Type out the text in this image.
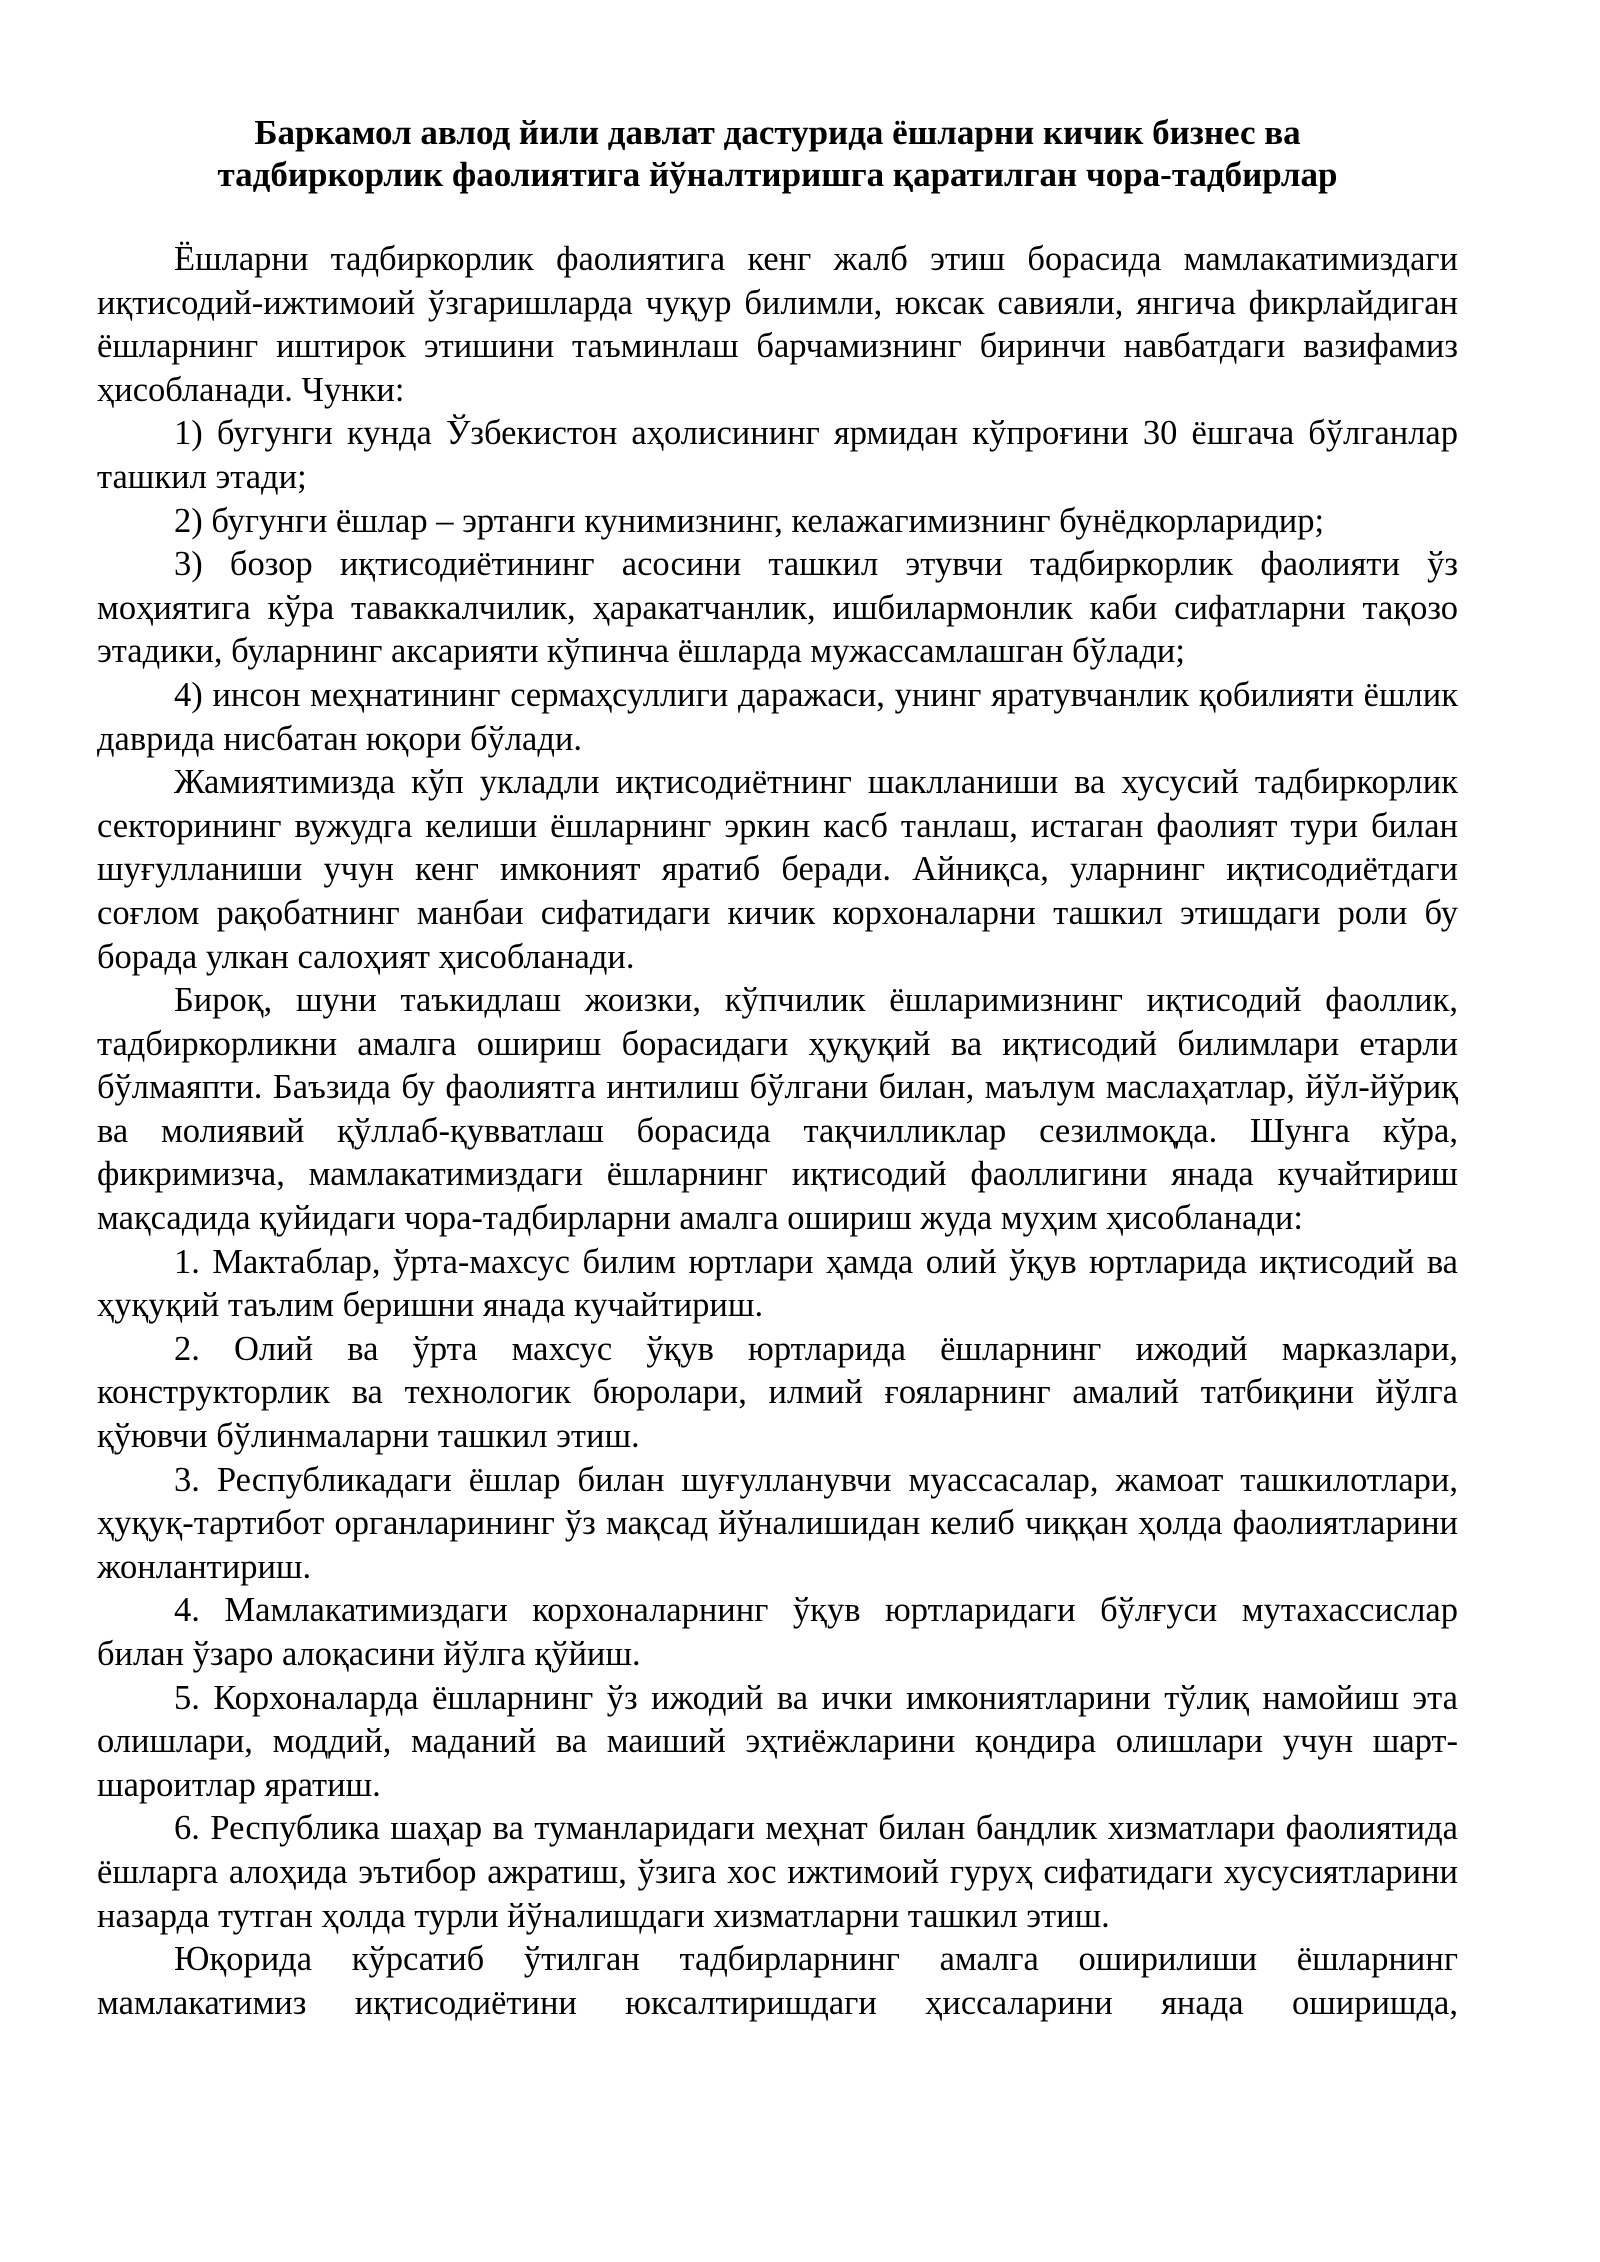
Баркамол авлод йили давлат дастурида ёшларни кичик бизнес ва
тадбиркорлик фаолиятига йўналтиришга қаратилган чора-тадбирлар

Ёшларни тадбиркорлик фаолиятига кенг жалб этиш борасида мамлакатимиздаги иқтисодий-ижтимоий ўзгаришларда чуқур билимли, юксак савияли, янгича фикрлайдиган ёшларнинг иштирок этишини таъминлаш барчамизнинг биринчи навбатдаги вазифамиз ҳисобланади. Чунки:

1) бугунги кунда Ўзбекистон аҳолисининг ярмидан кўпроғини 30 ёшгача бўлганлар ташкил этади;

2) бугунги ёшлар – эртанги кунимизнинг, келажагимизнинг бунёдкорларидир;

3) бозор иқтисодиётининг асосини ташкил этувчи тадбиркорлик фаолияти ўз моҳиятига кўра таваккалчилик, ҳаракатчанлик, ишбилармонлик каби сифатларни тақозо этадики, буларнинг аксарияти кўпинча ёшларда мужассамлашган бўлади;

4) инсон меҳнатининг сермаҳсуллиги даражаси, унинг яратувчанлик қобилияти ёшлик даврида нисбатан юқори бўлади.

Жамиятимизда кўп укладли иқтисодиётнинг шаклланиши ва хусусий тадбиркорлик секторининг вужудга келиши ёшларнинг эркин касб танлаш, истаган фаолият тури билан шуғулланиши учун кенг имконият яратиб беради. Айниқса, уларнинг иқтисодиётдаги соғлом рақобатнинг манбаи сифатидаги кичик корхоналарни ташкил этишдаги роли бу борада улкан салоҳият ҳисобланади.

Бироқ, шуни таъкидлаш жоизки, кўпчилик ёшларимизнинг иқтисодий фаоллик, тадбиркорликни амалга ошириш борасидаги ҳуқуқий ва иқтисодий билимлари етарли бўлмаяпти. Баъзида бу фаолиятга интилиш бўлгани билан, маълум маслаҳатлар, йўл-йўриқ ва молиявий қўллаб-қувватлаш борасида тақчилликлар сезилмоқда. Шунга кўра, фикримизча, мамлакатимиздаги ёшларнинг иқтисодий фаоллигини янада кучайтириш мақсадида қуйидаги чора-тадбирларни амалга ошириш жуда муҳим ҳисобланади:

1. Мактаблар, ўрта-махсус билим юртлари ҳамда олий ўқув юртларида иқтисодий ва ҳуқуқий таълим беришни янада кучайтириш.

2. Олий ва ўрта махсус ўқув юртларида ёшларнинг ижодий марказлари, конструкторлик ва технологик бюролари, илмий ғояларнинг амалий татбиқини йўлга қўювчи бўлинмаларни ташкил этиш.

3. Республикадаги ёшлар билан шуғулланувчи муассасалар, жамоат ташкилотлари, ҳуқуқ-тартибот органларининг ўз мақсад йўналишидан келиб чиққан ҳолда фаолиятларини жонлантириш.

4. Мамлакатимиздаги корхоналарнинг ўқув юртларидаги бўлғуси мутахассислар билан ўзаро алоқасини йўлга қўйиш.

5. Корхоналарда ёшларнинг ўз ижодий ва ички имкониятларини тўлиқ намойиш эта олишлари, моддий, маданий ва маиший эҳтиёжларини қондира олишлари учун шарт-шароитлар яратиш.

6. Республика шаҳар ва туманларидаги меҳнат билан бандлик хизматлари фаолиятида ёшларга алоҳида эътибор ажратиш, ўзига хос ижтимоий гуруҳ сифатидаги хусусиятларини назарда тутган ҳолда турли йўналишдаги хизматларни ташкил этиш.

Юқорида кўрсатиб ўтилган тадбирларнинг амалга оширилиши ёшларнинг мамлакатимиз иқтисодиётини юксалтиришдаги ҳиссаларини янада оширишда,
